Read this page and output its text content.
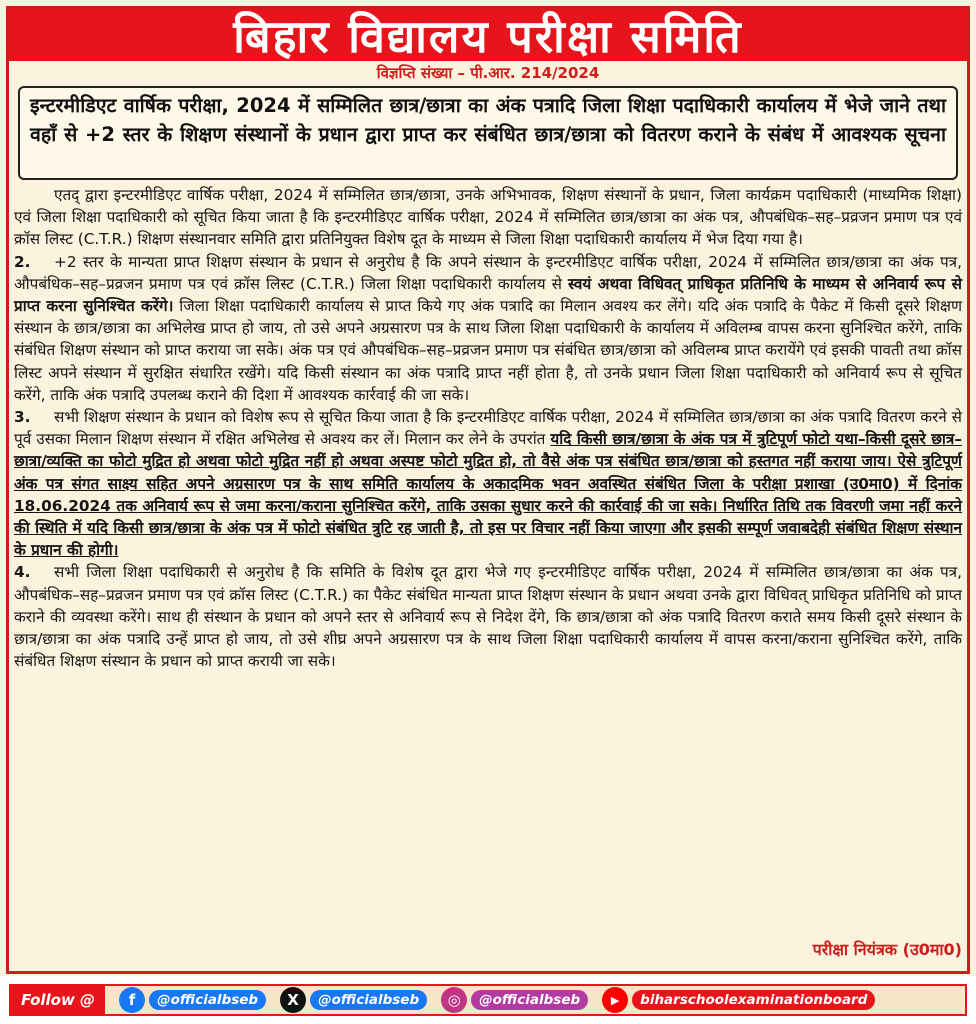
बिहार विद्यालय परीक्षा समिति
विज्ञप्ति संख्या – पी.आर. 214/2024
इन्टरमीडिएट वार्षिक परीक्षा, 2024 में सम्मिलित छात्र/छात्रा का अंक पत्रादि जिला शिक्षा पदाधिकारी कार्यालय में भेजे जाने तथा वहाँ से +2 स्तर के शिक्षण संस्थानों के प्रधान द्वारा प्राप्त कर संबंधित छात्र/छात्रा को वितरण कराने के संबंध में आवश्यक सूचना

एतद् द्वारा इन्टरमीडिएट वार्षिक परीक्षा, 2024 में सम्मिलित छात्र/छात्रा, उनके अभिभावक, शिक्षण संस्थानों के प्रधान, जिला कार्यक्रम पदाधिकारी (माध्यमिक शिक्षा) एवं जिला शिक्षा पदाधिकारी को सूचित किया जाता है कि इन्टरमीडिएट वार्षिक परीक्षा, 2024 में सम्मिलित छात्र/छात्रा का अंक पत्र, औपबंधिक–सह–प्रव्रजन प्रमाण पत्र एवं क्रॉस लिस्ट (C.T.R.) शिक्षण संस्थानवार समिति द्वारा प्रतिनियुक्त विशेष दूत के माध्यम से जिला शिक्षा पदाधिकारी कार्यालय में भेज दिया गया है।

2. +2 स्तर के मान्यता प्राप्त शिक्षण संस्थान के प्रधान से अनुरोध है कि अपने संस्थान के इन्टरमीडिएट वार्षिक परीक्षा, 2024 में सम्मिलित छात्र/छात्रा का अंक पत्र, औपबंधिक–सह–प्रव्रजन प्रमाण पत्र एवं क्रॉस लिस्ट (C.T.R.) जिला शिक्षा पदाधिकारी कार्यालय से स्वयं अथवा विधिवत् प्राधिकृत प्रतिनिधि के माध्यम से अनिवार्य रूप से प्राप्त करना सुनिश्चित करेंगे। जिला शिक्षा पदाधिकारी कार्यालय से प्राप्त किये गए अंक पत्रादि का मिलान अवश्य कर लेंगे। यदि अंक पत्रादि के पैकेट में किसी दूसरे शिक्षण संस्थान के छात्र/छात्रा का अभिलेख प्राप्त हो जाय, तो उसे अपने अग्रसारण पत्र के साथ जिला शिक्षा पदाधिकारी के कार्यालय में अविलम्ब वापस करना सुनिश्चित करेंगे, ताकि संबंधित शिक्षण संस्थान को प्राप्त कराया जा सके। अंक पत्र एवं औपबंधिक–सह–प्रव्रजन प्रमाण पत्र संबंधित छात्र/छात्रा को अविलम्ब प्राप्त करायेंगे एवं इसकी पावती तथा क्रॉस लिस्ट अपने संस्थान में सुरक्षित संधारित रखेंगे। यदि किसी संस्थान का अंक पत्रादि प्राप्त नहीं होता है, तो उनके प्रधान जिला शिक्षा पदाधिकारी को अनिवार्य रूप से सूचित करेंगे, ताकि अंक पत्रादि उपलब्ध कराने की दिशा में आवश्यक कार्रवाई की जा सके।

3. सभी शिक्षण संस्थान के प्रधान को विशेष रूप से सूचित किया जाता है कि इन्टरमीडिएट वार्षिक परीक्षा, 2024 में सम्मिलित छात्र/छात्रा का अंक पत्रादि वितरण करने से पूर्व उसका मिलान शिक्षण संस्थान में रक्षित अभिलेख से अवश्य कर लें। मिलान कर लेने के उपरांत यदि किसी छात्र/छात्रा के अंक पत्र में त्रुटिपूर्ण फोटो यथा–किसी दूसरे छात्र–छात्रा/व्यक्ति का फोटो मुद्रित हो अथवा फोटो मुद्रित नहीं हो अथवा अस्पष्ट फोटो मुद्रित हो, तो वैसे अंक पत्र संबंधित छात्र/छात्रा को हस्तगत नहीं कराया जाय। ऐसे त्रुटिपूर्ण अंक पत्र संगत साक्ष्य सहित अपने अग्रसारण पत्र के साथ समिति कार्यालय के अकादमिक भवन अवस्थित संबंधित जिला के परीक्षा प्रशाखा (उ0मा0) में दिनांक 18.06.2024 तक अनिवार्य रूप से जमा करना/कराना सुनिश्चित करेंगे, ताकि उसका सुधार करने की कार्रवाई की जा सके। निर्धारित तिथि तक विवरणी जमा नहीं करने की स्थिति में यदि किसी छात्र/छात्रा के अंक पत्र में फोटो संबंधित त्रुटि रह जाती है, तो इस पर विचार नहीं किया जाएगा और इसकी सम्पूर्ण जवाबदेही संबंधित शिक्षण संस्थान के प्रधान की होगी।

4. सभी जिला शिक्षा पदाधिकारी से अनुरोध है कि समिति के विशेष दूत द्वारा भेजे गए इन्टरमीडिएट वार्षिक परीक्षा, 2024 में सम्मिलित छात्र/छात्रा का अंक पत्र, औपबंधिक–सह–प्रव्रजन प्रमाण पत्र एवं क्रॉस लिस्ट (C.T.R.) का पैकेट संबंधित मान्यता प्राप्त शिक्षण संस्थान के प्रधान अथवा उनके द्वारा विधिवत् प्राधिकृत प्रतिनिधि को प्राप्त कराने की व्यवस्था करेंगे। साथ ही संस्थान के प्रधान को अपने स्तर से अनिवार्य रूप से निदेश देंगे, कि छात्र/छात्रा को अंक पत्रादि वितरण कराते समय किसी दूसरे संस्थान के छात्र/छात्रा का अंक पत्रादि उन्हें प्राप्त हो जाय, तो उसे शीघ्र अपने अग्रसारण पत्र के साथ जिला शिक्षा पदाधिकारी कार्यालय में वापस करना/कराना सुनिश्चित करेंगे, ताकि संबंधित शिक्षण संस्थान के प्रधान को प्राप्त करायी जा सके।

परीक्षा नियंत्रक (उ0मा0)
Follow @	f	@officialbseb	X	@officialbseb	◎	@officialbseb	▶	biharschoolexaminationboard
